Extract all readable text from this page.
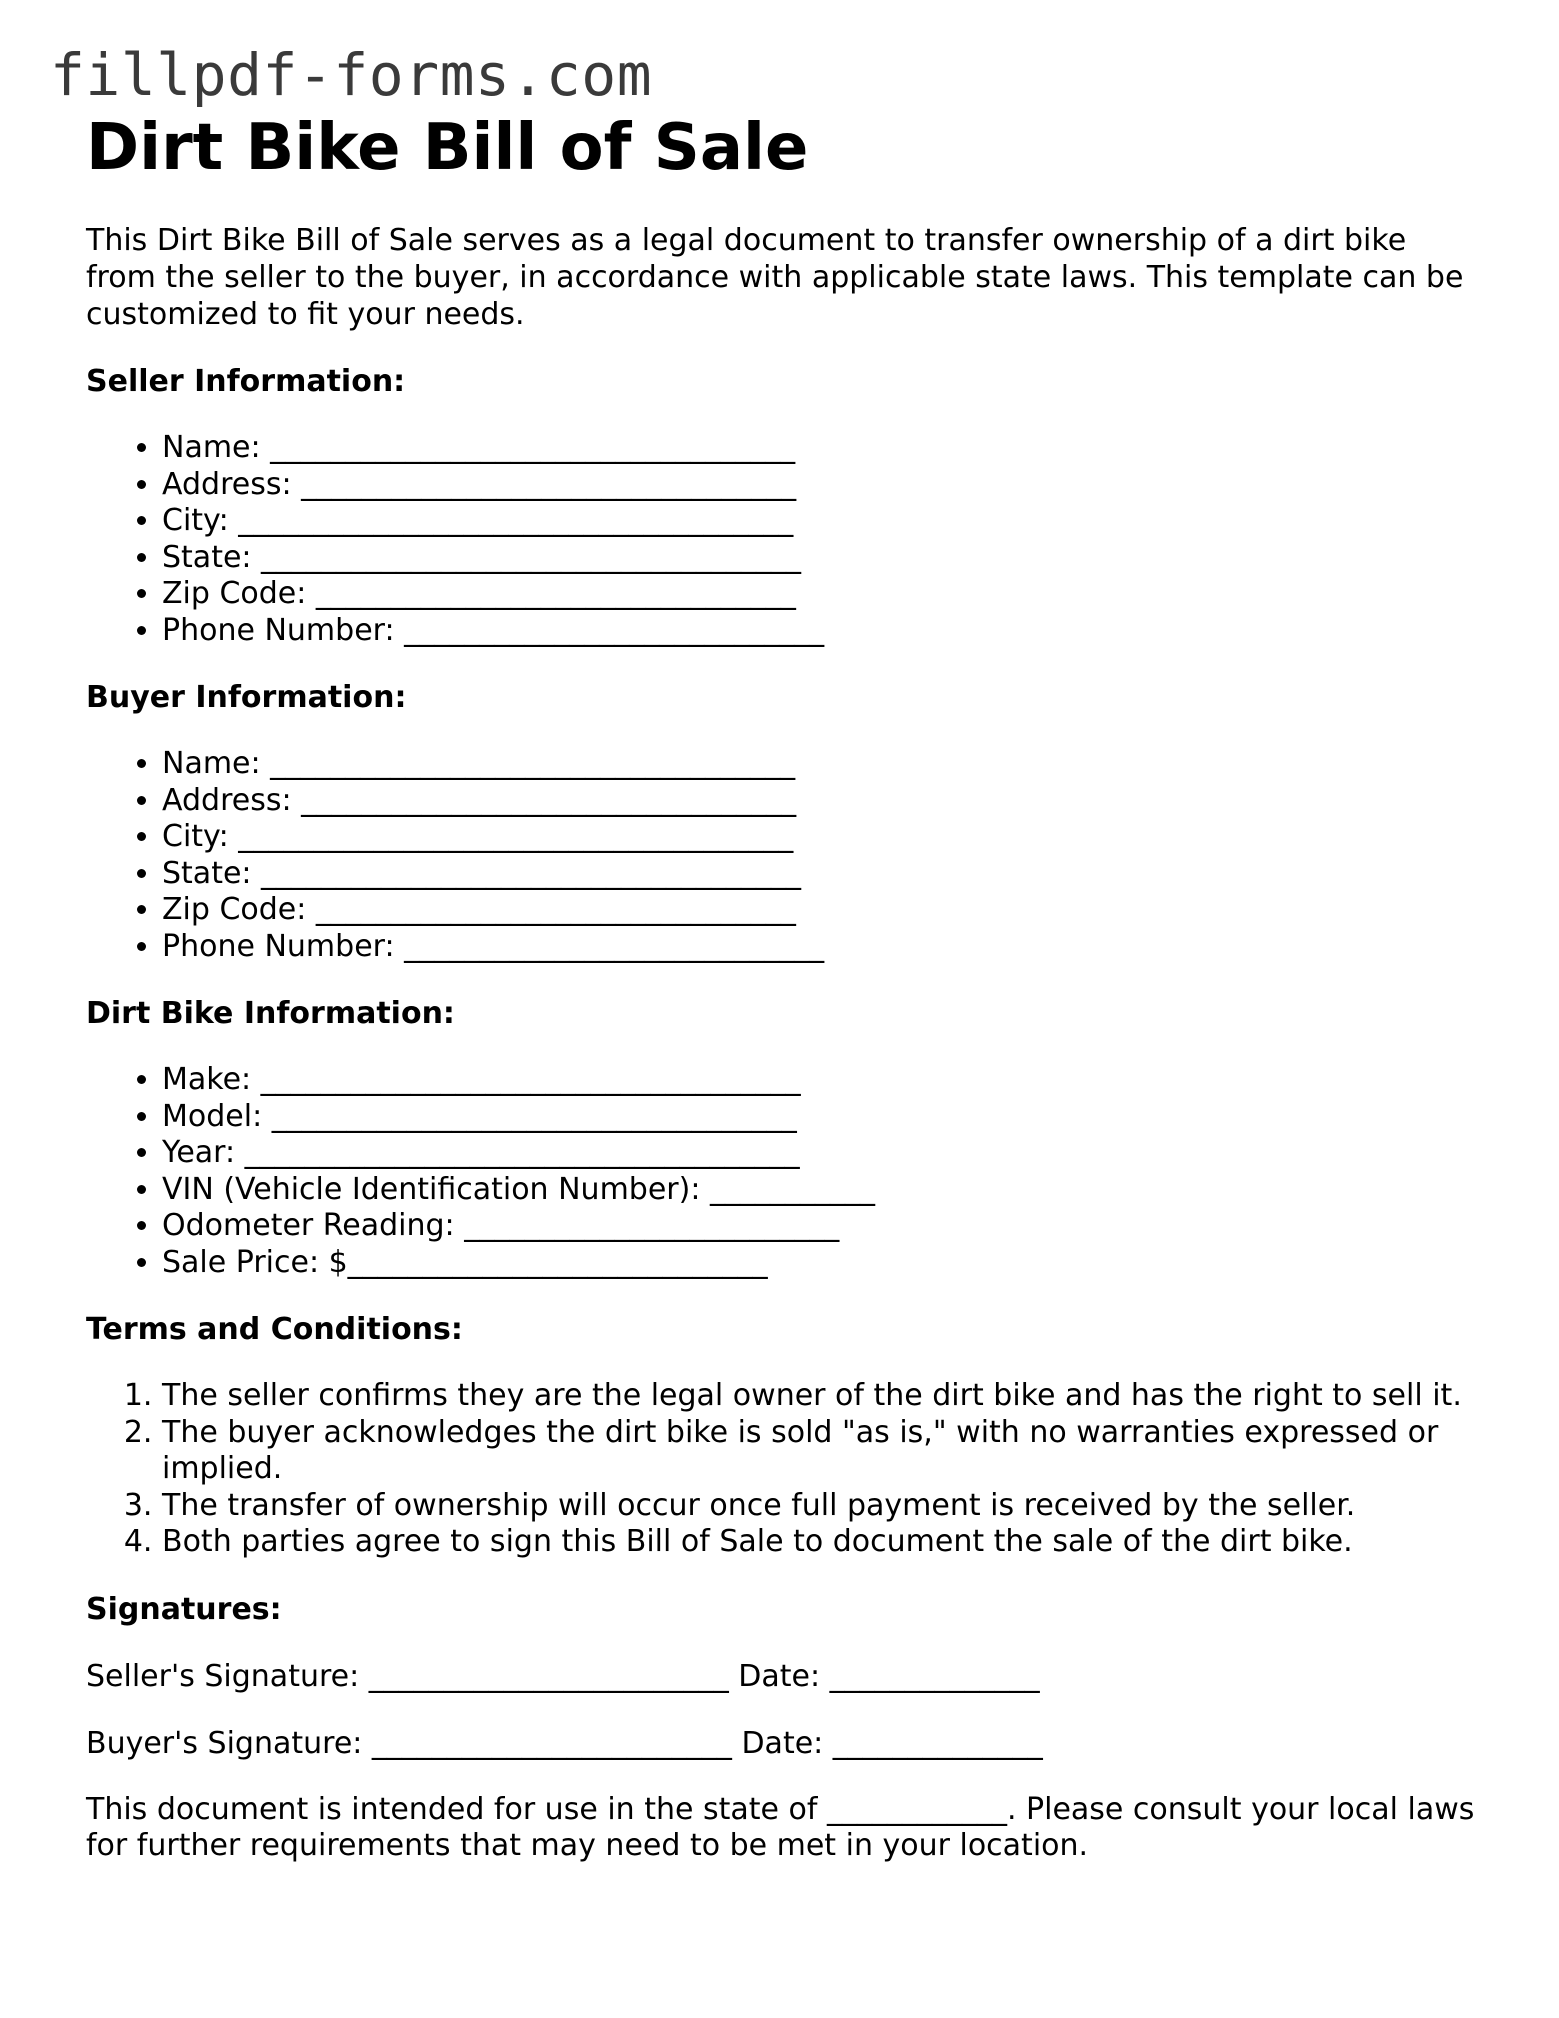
fillpdf-forms.com
Dirt Bike Bill of Sale

This Dirt Bike Bill of Sale serves as a legal document to transfer ownership of a dirt bike from the seller to the buyer, in accordance with applicable state laws. This template can be customized to fit your needs.

Seller Information:
• Name: ___________________________________
• Address: _________________________________
• City: _____________________________________
• State: ____________________________________
• Zip Code: ________________________________
• Phone Number: ____________________________
Buyer Information:
• Name: ___________________________________
• Address: _________________________________
• City: _____________________________________
• State: ____________________________________
• Zip Code: ________________________________
• Phone Number: ____________________________
Dirt Bike Information:
• Make: ____________________________________
• Model: ___________________________________
• Year: _____________________________________
• VIN (Vehicle Identification Number): ___________
• Odometer Reading: _________________________
• Sale Price: $____________________________
Terms and Conditions:
1. The seller confirms they are the legal owner of the dirt bike and has the right to sell it.
2. The buyer acknowledges the dirt bike is sold "as is," with no warranties expressed or implied.
3. The transfer of ownership will occur once full payment is received by the seller.
4. Both parties agree to sign this Bill of Sale to document the sale of the dirt bike.
Signatures:

Seller's Signature: ________________________ Date: ______________

Buyer's Signature: ________________________ Date: ______________

This document is intended for use in the state of ____________. Please consult your local laws for further requirements that may need to be met in your location.
